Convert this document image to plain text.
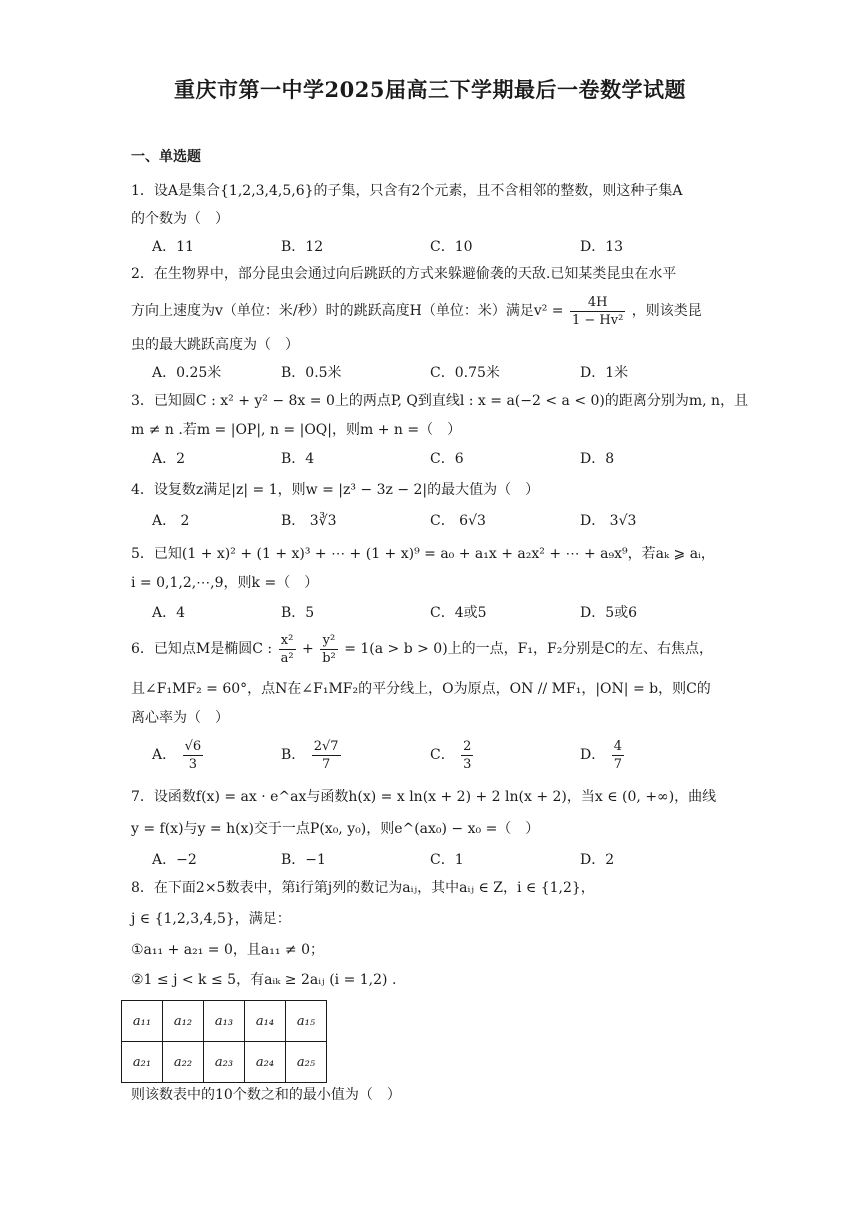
重庆市第一中学2025届高三下学期最后一卷数学试题
一、单选题
1．设A是集合{1,2,3,4,5,6}的子集，只含有2个元素，且不含相邻的整数，则这种子集A
的个数为（　）
A．11	B．12	C．10	D．13
2．在生物界中，部分昆虫会通过向后跳跃的方式来躲避偷袭的天敌.已知某类昆虫在水平
方向上速度为v（单位：米/秒）时的跳跃高度H（单位：米）满足$v^2 = \frac{4H}{\text{1 − Hv²}}$ ，则该类昆
虫的最大跳跃高度为（　）
A．0.25米	B．0.5米	C．0.75米	D．1米
3．已知圆C : x² + y² − 8x = 0上的两点P, Q到直线l : x = a(−2 < a < 0)的距离分别为m, n，且
m ≠ n .若m = |OP|, n = |OQ|，则m + n =（　）
A．2	B．4	C．6	D．8
4．设复数z满足|z| = 1，则w = |z³ − 3z − 2|的最大值为（　）
A． 2	B． 3∛3	C． 6√3	D． 3√3
5．已知(1 + x)² + (1 + x)³ + ⋯ + (1 + x)⁹ = a₀ + a₁x + a₂x² + ⋯ + a₉x⁹，若aₖ ⩾ aᵢ，
i = 0,1,2,⋯,9，则k =（　）
A．4	B．5	C．4或5	D．5或6
6．已知点M是椭圆C : $\frac{\text{x²}}{\text{a²}} + \frac{\text{y²}}{\text{b²}} = 1(a > b > 0)$上的一点，F₁，F₂分别是C的左、右焦点，
且∠F₁MF₂ = 60°，点N在∠F₁MF₂的平分线上，O为原点，ON // MF₁，|ON| = b，则C的
离心率为（　）
A． $\frac{√6}{3}$	B． $\frac{2√7}{7}$	C． $\frac{2}{3}$	D． $\frac{4}{7}$
7．设函数f(x) = ax · e^ax与函数h(x) = x ln(x + 2) + 2 ln(x + 2)，当x ∈ (0, +∞)，曲线
y = f(x)与y = h(x)交于一点P(x₀, y₀)，则e^(ax₀) − x₀ =（　）
A．−2	B．−1	C．1	D．2
8．在下面2×5数表中，第i行第j列的数记为aᵢⱼ，其中aᵢⱼ ∈ Z，i ∈ {1,2}，
j ∈ {1,2,3,4,5}，满足：
①a₁₁ + a₂₁ = 0，且a₁₁ ≠ 0；
②1 ≤ j < k ≤ 5，有aᵢₖ ≥ 2aᵢⱼ (i = 1,2) .
a₁₁	a₁₂	a₁₃	a₁₄	a₁₅
a₂₁	a₂₂	a₂₃	a₂₄	a₂₅
则该数表中的10个数之和的最小值为（　）
